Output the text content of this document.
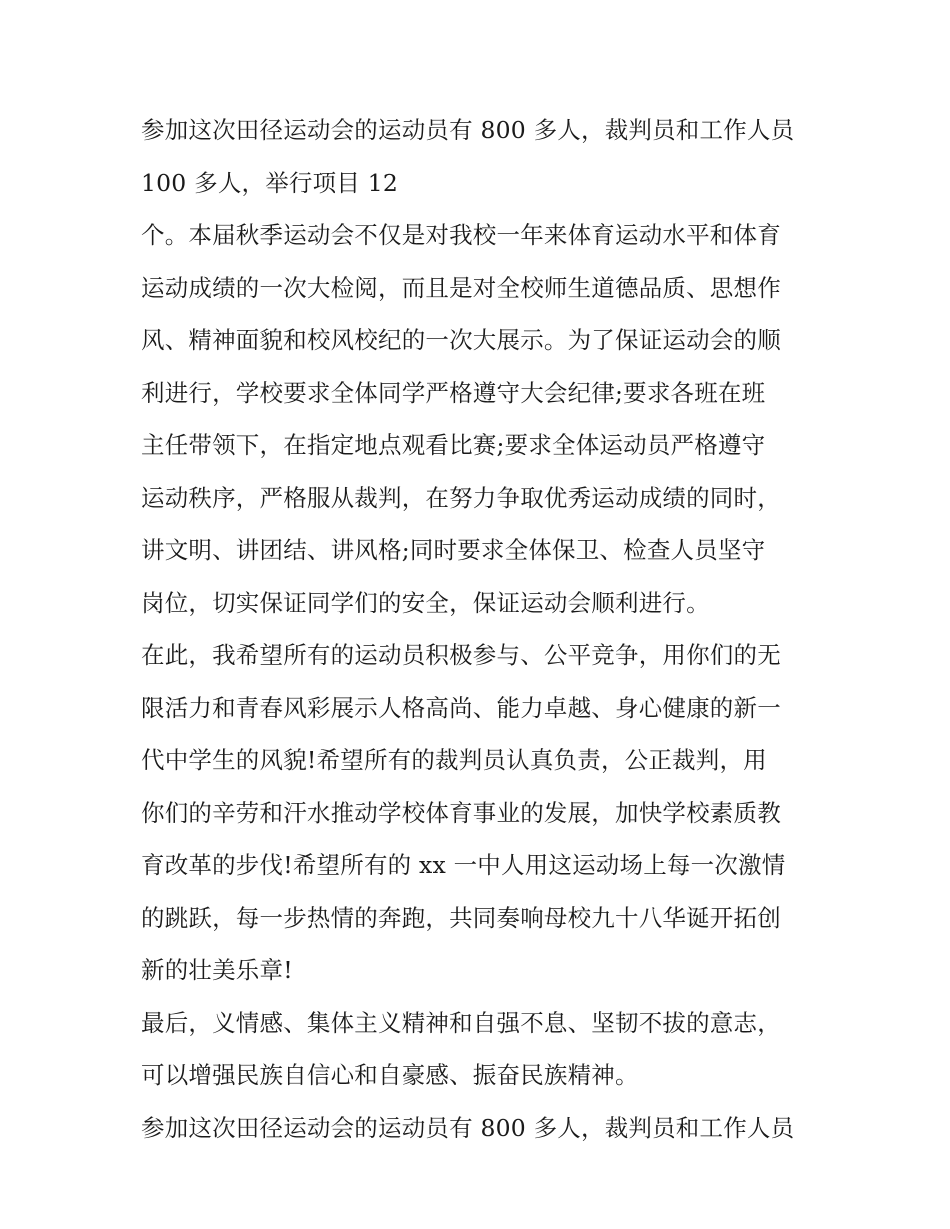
参加这次田径运动会的运动员有 800 多人，裁判员和工作人员
100 多人，举行项目 12
个。本届秋季运动会不仅是对我校一年来体育运动水平和体育
运动成绩的一次大检阅，而且是对全校师生道德品质、思想作
风、精神面貌和校风校纪的一次大展示。为了保证运动会的顺
利进行，学校要求全体同学严格遵守大会纪律;要求各班在班
主任带领下，在指定地点观看比赛;要求全体运动员严格遵守
运动秩序，严格服从裁判，在努力争取优秀运动成绩的同时，
讲文明、讲团结、讲风格;同时要求全体保卫、检查人员坚守
岗位，切实保证同学们的安全，保证运动会顺利进行。
在此，我希望所有的运动员积极参与、公平竞争，用你们的无
限活力和青春风彩展示人格高尚、能力卓越、身心健康的新一
代中学生的风貌!希望所有的裁判员认真负责，公正裁判，用
你们的辛劳和汗水推动学校体育事业的发展，加快学校素质教
育改革的步伐!希望所有的 xx 一中人用这运动场上每一次激情
的跳跃，每一步热情的奔跑，共同奏响母校九十八华诞开拓创
新的壮美乐章!
最后，义情感、集体主义精神和自强不息、坚韧不拔的意志，
可以增强民族自信心和自豪感、振奋民族精神。
参加这次田径运动会的运动员有 800 多人，裁判员和工作人员
